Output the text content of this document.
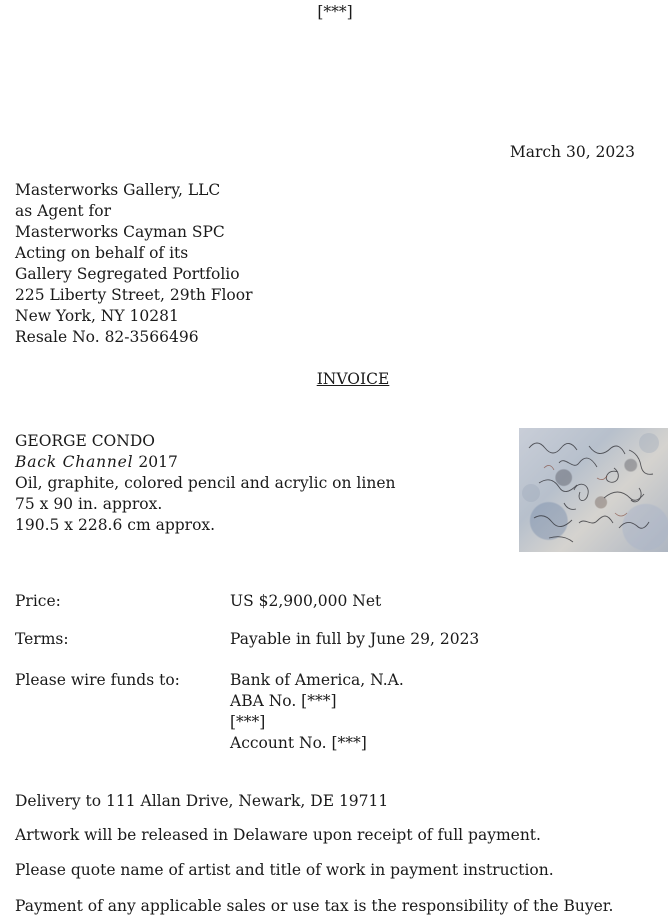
[***]
March 30, 2023
Masterworks Gallery, LLC
as Agent for
Masterworks Cayman SPC
Acting on behalf of its
Gallery Segregated Portfolio
225 Liberty Street, 29th Floor
New York, NY 10281
Resale No. 82-3566496
INVOICE
GEORGE CONDO
Back Channel 2017
Oil, graphite, colored pencil and acrylic on linen
75 x 90 in. approx.
190.5 x 228.6 cm approx.
Price:	US $2,900,000 Net
Terms:	Payable in full by June 29, 2023
Please wire funds to:	Bank of America, N.A.
ABA No. [***]
[***]
Account No. [***]
Delivery to 111 Allan Drive, Newark, DE 19711
Artwork will be released in Delaware upon receipt of full payment.
Please quote name of artist and title of work in payment instruction.
Payment of any applicable sales or use tax is the responsibility of the Buyer.
